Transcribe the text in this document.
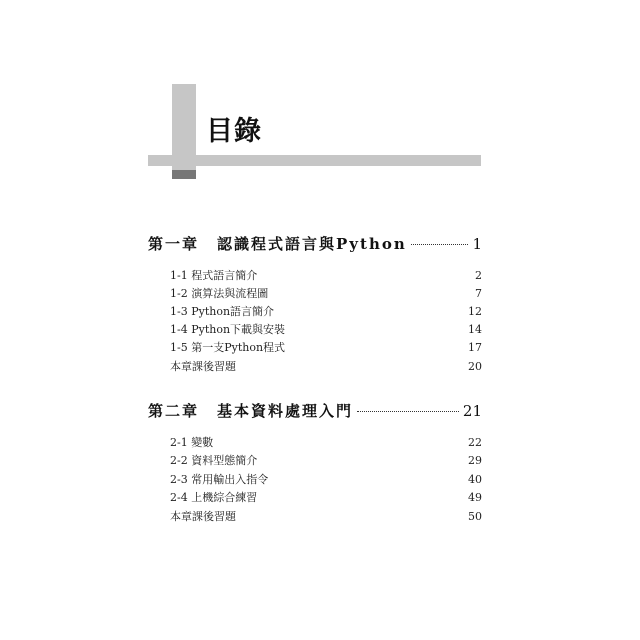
目錄
第一章 認識程式語言與Python	1
1-1 程式語言簡介	2
1-2 演算法與流程圖	7
1-3 Python語言簡介	12
1-4 Python下載與安裝	14
1-5 第一支Python程式	17
本章課後習題	20
第二章 基本資料處理入門	21
2-1 變數	22
2-2 資料型態簡介	29
2-3 常用輸出入指令	40
2-4 上機綜合練習	49
本章課後習題	50
